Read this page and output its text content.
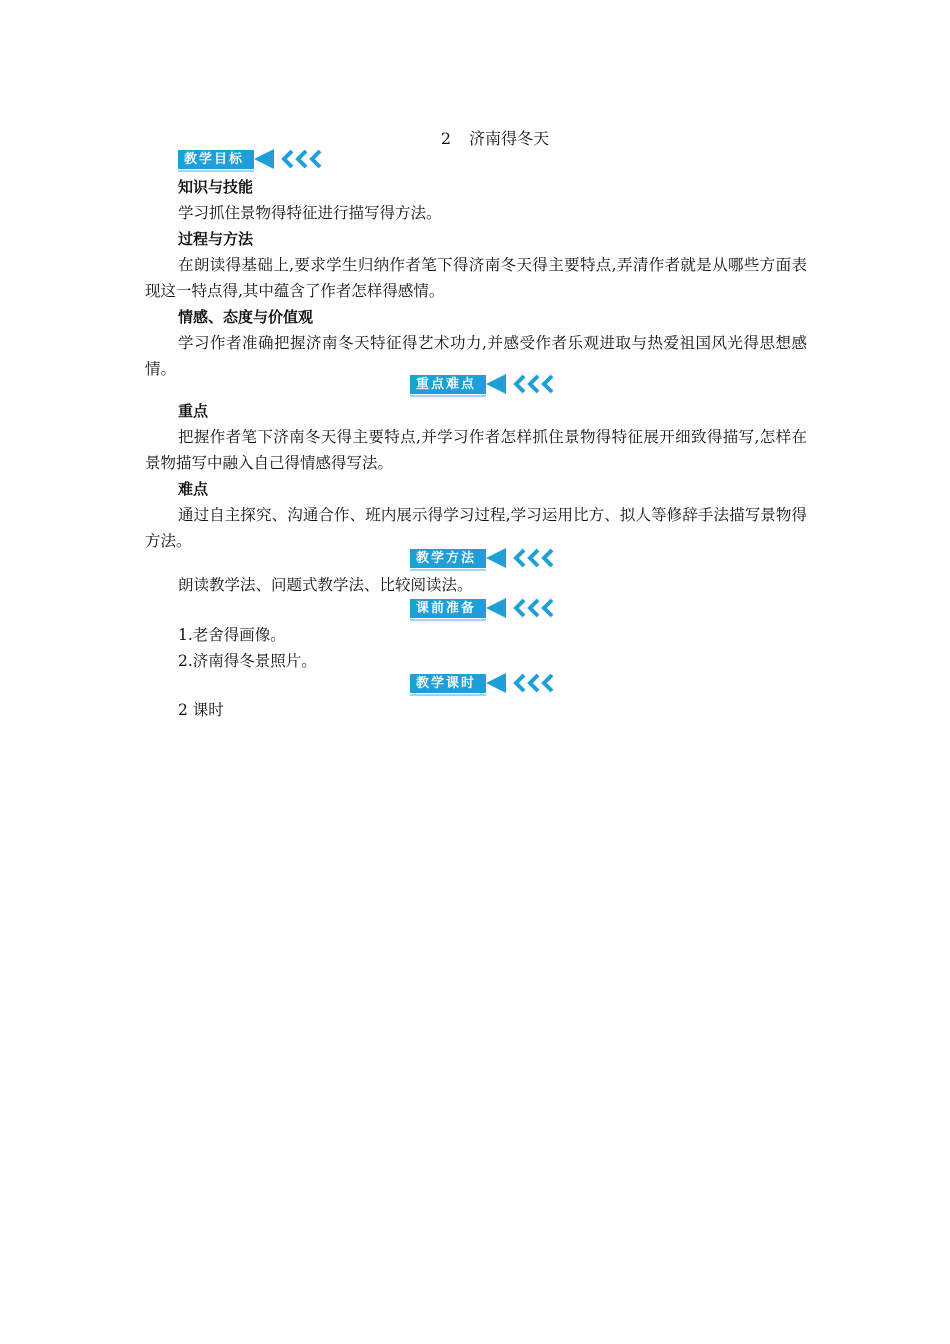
2 济南得冬天
教学目标
知识与技能
学习抓住景物得特征进行描写得方法。
过程与方法
在朗读得基础上,要求学生归纳作者笔下得济南冬天得主要特点,弄清作者就是从哪些方面表现这一特点得,其中蕴含了作者怎样得感情。
情感、态度与价值观
学习作者准确把握济南冬天特征得艺术功力,并感受作者乐观进取与热爱祖国风光得思想感情。
重点难点
重点
把握作者笔下济南冬天得主要特点,并学习作者怎样抓住景物得特征展开细致得描写,怎样在景物描写中融入自己得情感得写法。
难点
通过自主探究、沟通合作、班内展示得学习过程,学习运用比方、拟人等修辞手法描写景物得方法。
教学方法
朗读教学法、问题式教学法、比较阅读法。
课前准备
1.老舍得画像。
2.济南得冬景照片。
教学课时
2 课时
